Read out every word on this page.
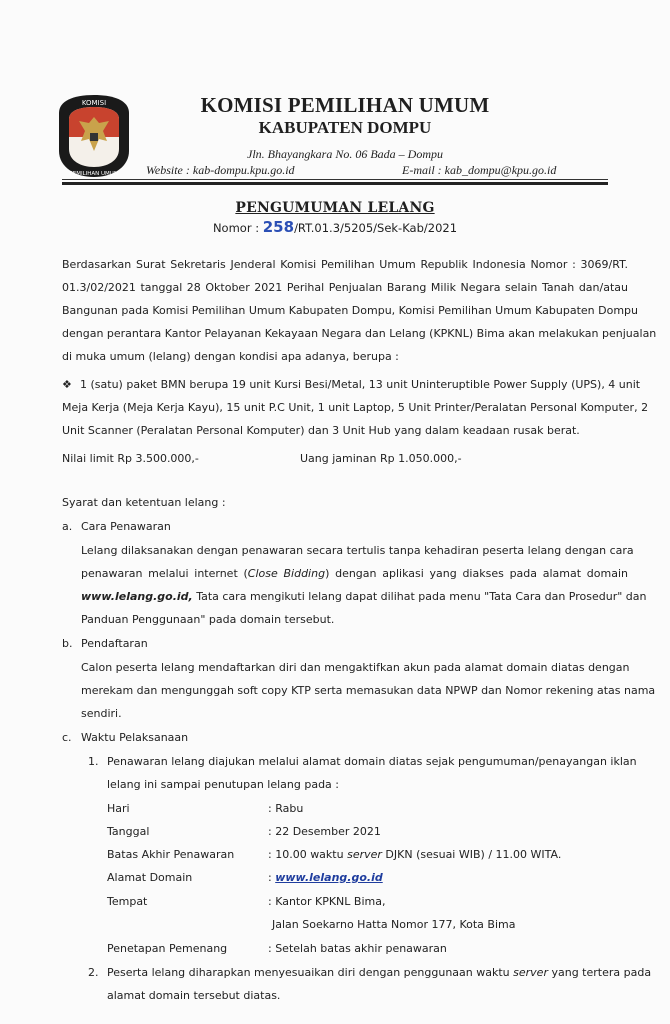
KOMISI
PEMILIHAN UMUM
KOMISI PEMILIHAN UMUM
KABUPATEN DOMPU
Jln. Bhayangkara No. 06 Bada – Dompu
Website : kab-dompu.kpu.go.id	E-mail : kab_dompu@kpu.go.id
PENGUMUMAN LELANG
Nomor : 258/RT.01.3/5205/Sek-Kab/2021
Berdasarkan Surat Sekretaris Jenderal Komisi Pemilihan Umum Republik Indonesia Nomor : 3069/RT.
01.3/02/2021 tanggal 28 Oktober 2021 Perihal Penjualan Barang Milik Negara selain Tanah dan/atau
Bangunan pada Komisi Pemilihan Umum Kabupaten Dompu, Komisi Pemilihan Umum Kabupaten Dompu
dengan perantara Kantor Pelayanan Kekayaan Negara dan Lelang (KPKNL) Bima akan melakukan penjualan
di muka umum (lelang) dengan kondisi apa adanya, berupa :
❖ 1 (satu) paket BMN berupa 19 unit Kursi Besi/Metal, 13 unit Uninteruptible Power Supply (UPS), 4 unit
Meja Kerja (Meja Kerja Kayu), 15 unit P.C Unit, 1 unit Laptop, 5 Unit Printer/Peralatan Personal Komputer, 2
Unit Scanner (Peralatan Personal Komputer) dan 3 Unit Hub yang dalam keadaan rusak berat.
Nilai limit Rp 3.500.000,-	Uang jaminan Rp 1.050.000,-
Syarat dan ketentuan lelang :
a. Cara Penawaran
Lelang dilaksanakan dengan penawaran secara tertulis tanpa kehadiran peserta lelang dengan cara
penawaran melalui internet (Close Bidding) dengan aplikasi yang diakses pada alamat domain
www.lelang.go.id, Tata cara mengikuti lelang dapat dilihat pada menu "Tata Cara dan Prosedur" dan
Panduan Penggunaan" pada domain tersebut.
b. Pendaftaran
Calon peserta lelang mendaftarkan diri dan mengaktifkan akun pada alamat domain diatas dengan
merekam dan mengunggah soft copy KTP serta memasukan data NPWP dan Nomor rekening atas nama
sendiri.
c. Waktu Pelaksanaan
1. Penawaran lelang diajukan melalui alamat domain diatas sejak pengumuman/penayangan iklan
lelang ini sampai penutupan lelang pada :
Hari	: Rabu
Tanggal	: 22 Desember 2021
Batas Akhir Penawaran	: 10.00 waktu server DJKN (sesuai WIB) / 11.00 WITA.
Alamat Domain	: www.lelang.go.id
Tempat	: Kantor KPKNL Bima,
Jalan Soekarno Hatta Nomor 177, Kota Bima
Penetapan Pemenang	: Setelah batas akhir penawaran
2. Peserta lelang diharapkan menyesuaikan diri dengan penggunaan waktu server yang tertera pada
alamat domain tersebut diatas.
